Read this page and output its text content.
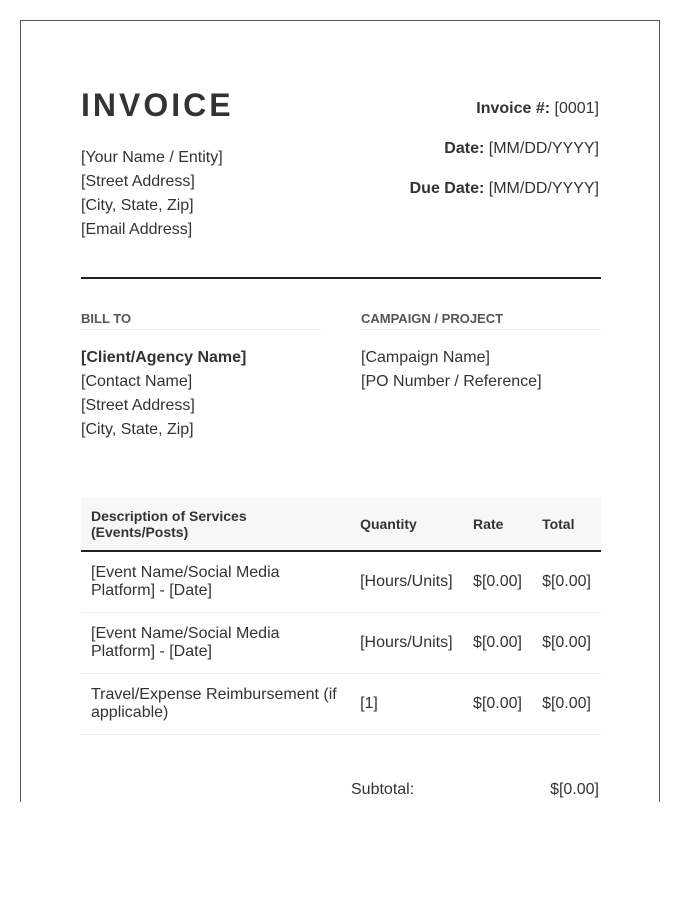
INVOICE
[Your Name / Entity]
[Street Address]
[City, State, Zip]
[Email Address]
Invoice #: [0001]
Date: [MM/DD/YYYY]
Due Date: [MM/DD/YYYY]
BILL TO	CAMPAIGN / PROJECT
[Client/Agency Name]
[Contact Name]
[Street Address]
[City, State, Zip]
[Campaign Name]
[PO Number / Reference]
Description of Services (Events/Posts)	Quantity	Rate	Total
[Event Name/Social Media Platform] - [Date]	[Hours/Units]	$[0.00]	$[0.00]
[Event Name/Social Media Platform] - [Date]	[Hours/Units]	$[0.00]	$[0.00]
Travel/Expense Reimbursement (if applicable)	[1]	$[0.00]	$[0.00]
Subtotal:	$[0.00]
